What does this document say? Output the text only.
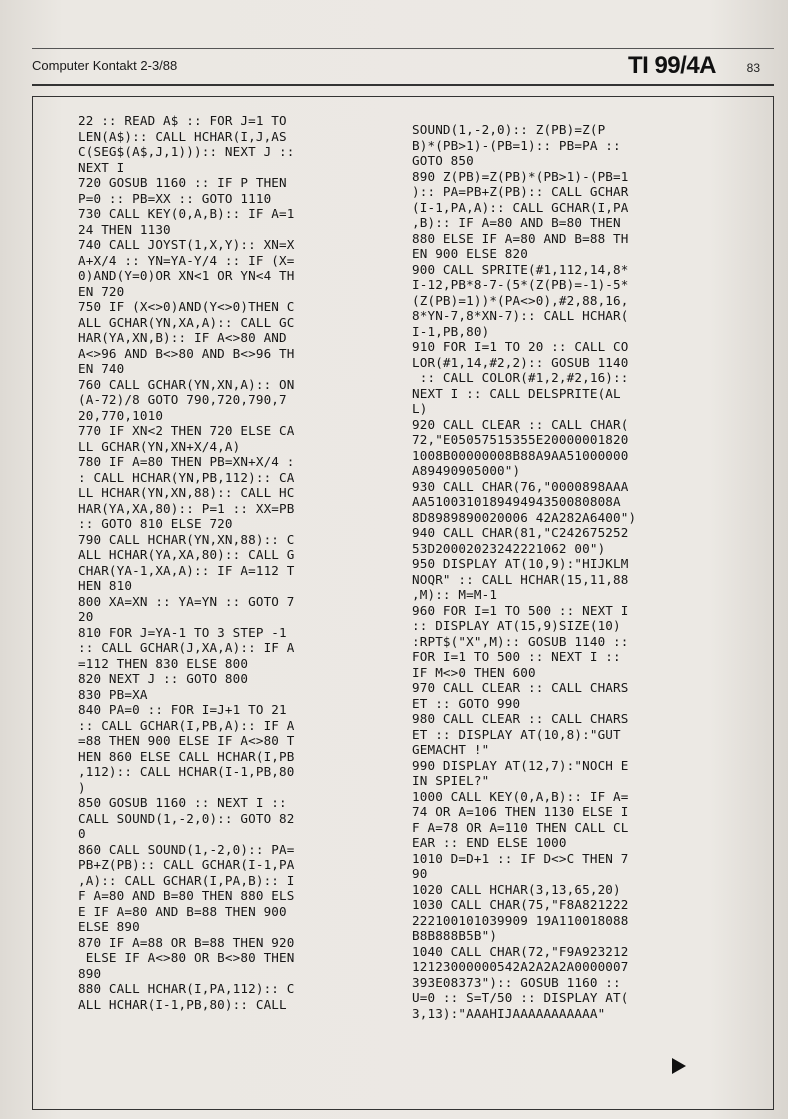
Computer Kontakt 2-3/88	TI 99/4A	83
22 :: READ A$ :: FOR J=1 TO
LEN(A$):: CALL HCHAR(I,J,AS
C(SEG$(A$,J,1))):: NEXT J ::
NEXT I
720 GOSUB 1160 :: IF P THEN
P=0 :: PB=XX :: GOTO 1110
730 CALL KEY(0,A,B):: IF A=1
24 THEN 1130
740 CALL JOYST(1,X,Y):: XN=X
A+X/4 :: YN=YA-Y/4 :: IF (X=
0)AND(Y=0)OR XN<1 OR YN<4 TH
EN 720
750 IF (X<>0)AND(Y<>0)THEN C
ALL GCHAR(YN,XA,A):: CALL GC
HAR(YA,XN,B):: IF A<>80 AND
A<>96 AND B<>80 AND B<>96 TH
EN 740
760 CALL GCHAR(YN,XN,A):: ON
(A-72)/8 GOTO 790,720,790,7
20,770,1010
770 IF XN<2 THEN 720 ELSE CA
LL GCHAR(YN,XN+X/4,A)
780 IF A=80 THEN PB=XN+X/4 :
: CALL HCHAR(YN,PB,112):: CA
LL HCHAR(YN,XN,88):: CALL HC
HAR(YA,XA,80):: P=1 :: XX=PB
:: GOTO 810 ELSE 720
790 CALL HCHAR(YN,XN,88):: C
ALL HCHAR(YA,XA,80):: CALL G
CHAR(YA-1,XA,A):: IF A=112 T
HEN 810
800 XA=XN :: YA=YN :: GOTO 7
20
810 FOR J=YA-1 TO 3 STEP -1
:: CALL GCHAR(J,XA,A):: IF A
=112 THEN 830 ELSE 800
820 NEXT J :: GOTO 800
830 PB=XA
840 PA=0 :: FOR I=J+1 TO 21
:: CALL GCHAR(I,PB,A):: IF A
=88 THEN 900 ELSE IF A<>80 T
HEN 860 ELSE CALL HCHAR(I,PB
,112):: CALL HCHAR(I-1,PB,80
)
850 GOSUB 1160 :: NEXT I ::
CALL SOUND(1,-2,0):: GOTO 82
0
860 CALL SOUND(1,-2,0):: PA=
PB+Z(PB):: CALL GCHAR(I-1,PA
,A):: CALL GCHAR(I,PA,B):: I
F A=80 AND B=80 THEN 880 ELS
E IF A=80 AND B=88 THEN 900
ELSE 890
870 IF A=88 OR B=88 THEN 920
ELSE IF A<>80 OR B<>80 THEN
890
880 CALL HCHAR(I,PA,112):: C
ALL HCHAR(I-1,PB,80):: CALL
SOUND(1,-2,0):: Z(PB)=Z(P
B)*(PB>1)-(PB=1):: PB=PA ::
GOTO 850
890 Z(PB)=Z(PB)*(PB>1)-(PB=1
):: PA=PB+Z(PB):: CALL GCHAR
(I-1,PA,A):: CALL GCHAR(I,PA
,B):: IF A=80 AND B=80 THEN
880 ELSE IF A=80 AND B=88 TH
EN 900 ELSE 820
900 CALL SPRITE(#1,112,14,8*
I-12,PB*8-7-(5*(Z(PB)=-1)-5*
(Z(PB)=1))*(PA<>0),#2,88,16,
8*YN-7,8*XN-7):: CALL HCHAR(
I-1,PB,80)
910 FOR I=1 TO 20 :: CALL CO
LOR(#1,14,#2,2):: GOSUB 1140
:: CALL COLOR(#1,2,#2,16)::
NEXT I :: CALL DELSPRITE(AL
L)
920 CALL CLEAR :: CALL CHAR(
72,"E05057515355E20000001820
1008B00000008B88A9AA51000000
A89490905000")
930 CALL CHAR(76,"0000898AAA
AA510031018949494350080808A
8D8989890020006 42A282A6400")
940 CALL CHAR(81,"C242675252
53D20002023242221062 00")
950 DISPLAY AT(10,9):"HIJKLM
NOQR" :: CALL HCHAR(15,11,88
,M):: M=M-1
960 FOR I=1 TO 500 :: NEXT I
:: DISPLAY AT(15,9)SIZE(10)
:RPT$("X",M):: GOSUB 1140 ::
FOR I=1 TO 500 :: NEXT I ::
IF M<>0 THEN 600
970 CALL CLEAR :: CALL CHARS
ET :: GOTO 990
980 CALL CLEAR :: CALL CHARS
ET :: DISPLAY AT(10,8):"GUT
GEMACHT !"
990 DISPLAY AT(12,7):"NOCH E
IN SPIEL?"
1000 CALL KEY(0,A,B):: IF A=
74 OR A=106 THEN 1130 ELSE I
F A=78 OR A=110 THEN CALL CL
EAR :: END ELSE 1000
1010 D=D+1 :: IF D<>C THEN 7
90
1020 CALL HCHAR(3,13,65,20)
1030 CALL CHAR(75,"F8A821222
222100101039909 19A110018088
B8B888B5B")
1040 CALL CHAR(72,"F9A923212
12123000000542A2A2A2A0000007
393E08373"):: GOSUB 1160 ::
U=0 :: S=T/50 :: DISPLAY AT(
3,13):"AAAHIJAAAAAAAAAAA"
